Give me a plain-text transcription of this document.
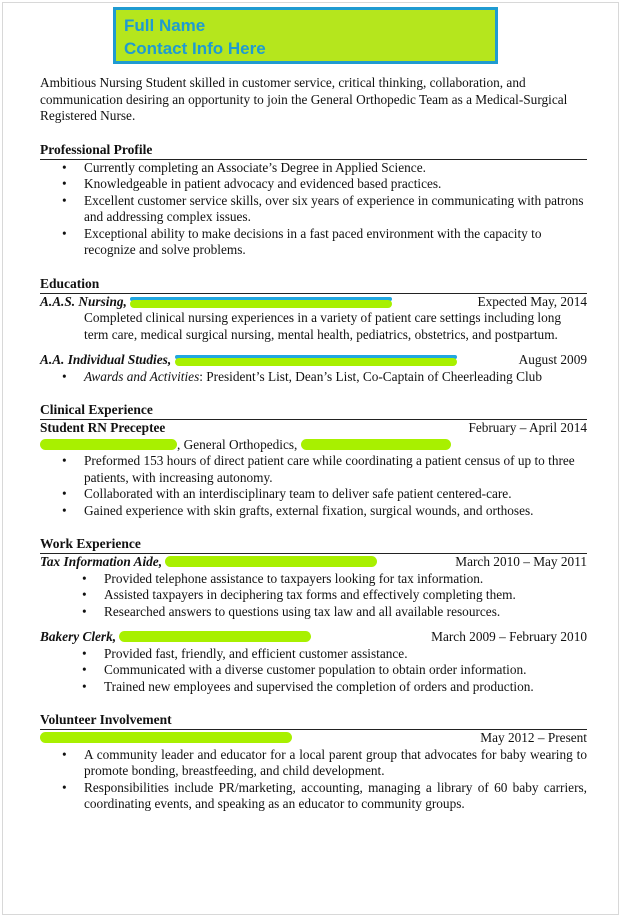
Full Name
Contact Info Here

Ambitious Nursing Student skilled in customer service, critical thinking, collaboration, and communication desiring an opportunity to join the General Orthopedic Team as a Medical-Surgical Registered Nurse.

Professional Profile
• Currently completing an Associate’s Degree in Applied Science.
• Knowledgeable in patient advocacy and evidenced based practices.
• Excellent customer service skills, over six years of experience in communicating with patrons and addressing complex issues.
• Exceptional ability to make decisions in a fast paced environment with the capacity to recognize and solve problems.
Education
A.A.S. Nursing,	Expected May, 2014

Completed clinical nursing experiences in a variety of patient care settings including long term care, medical surgical nursing, mental health, pediatrics, obstetrics, and postpartum.

A.A. Individual Studies,	August 2009
• Awards and Activities: President’s List, Dean’s List, Co-Captain of Cheerleading Club
Clinical Experience
Student RN Preceptee	February – April 2014
, General Orthopedics,
• Preformed 153 hours of direct patient care while coordinating a patient census of up to three patients, with increasing autonomy.
• Collaborated with an interdisciplinary team to deliver safe patient centered-care.
• Gained experience with skin grafts, external fixation, surgical wounds, and orthoses.
Work Experience
Tax Information Aide,	March 2010 – May 2011
• Provided telephone assistance to taxpayers looking for tax information.
• Assisted taxpayers in deciphering tax forms and effectively completing them.
• Researched answers to questions using tax law and all available resources.
Bakery Clerk,	March 2009 – February 2010
• Provided fast, friendly, and efficient customer assistance.
• Communicated with a diverse customer population to obtain order information.
• Trained new employees and supervised the completion of orders and production.
Volunteer Involvement
May 2012 – Present
• A community leader and educator for a local parent group that advocates for baby wearing to promote bonding, breastfeeding, and child development.
• Responsibilities include PR/marketing, accounting, managing a library of 60 baby carriers, coordinating events, and speaking as an educator to community groups.
